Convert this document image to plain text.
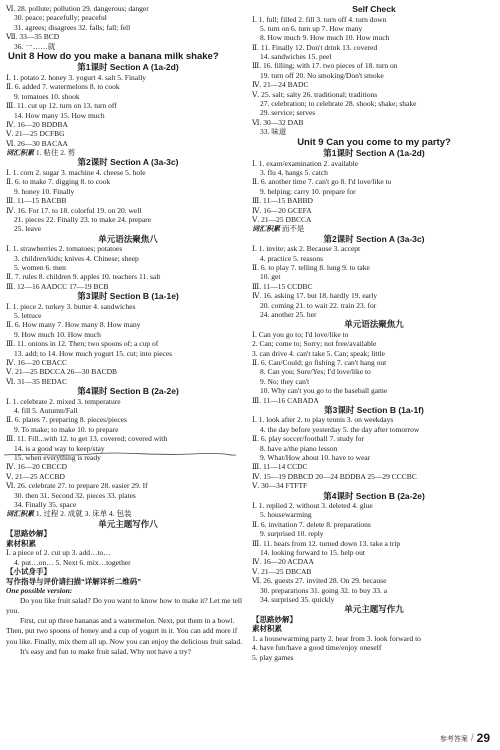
Ⅵ. 28. pollute; pollution 29. dangerous; danger
30. peace; peacefully; peaceful
31. agrees; disagrees 32. falls; fall; fell
Ⅶ. 33—35 BCD
36. 一……就
Unit 8 How do you make a banana milk shake?
第1课时 Section A (1a-2d)
Ⅰ. 1. potato 2. honey 3. yogurt 4. salt 5. Finally
Ⅱ. 6. added 7. watermelons 8. to cook
9. tomatoes 10. shook
Ⅲ. 11. cut up 12. turn on 13. turn off
14. How many 15. How much
Ⅳ. 16—20 BDDBA
Ⅴ. 21—25 DCFBG
Ⅵ. 26—30 BACAA
词汇积累 1. 粘住 2. 剪
第2课时 Section A (3a-3c)
Ⅰ. 1. corn 2. sugar 3. machine 4. cheese 5. hole
Ⅱ. 6. to make 7. digging 8. to cook
9. honey 10. Finally
Ⅲ. 11—15 BACBB
Ⅳ. 16. For 17. to 18. colorful 19. on 20. well
21. pieces 22. Finally 23. to make 24. prepare
25. leave
单元语法聚焦八
Ⅰ. 1. strawberries 2. tomatoes; potatoes
3. children/kids; knives 4. Chinese; sheep
5. women 6. men
Ⅱ. 7. rules 8. children 9. apples 10. teachers 11. salt
Ⅲ. 12—16 AADCC 17—19 BCB
第3课时 Section B (1a-1e)
Ⅰ. 1. piece 2. turkey 3. butter 4. sandwiches
5. lettuce
Ⅱ. 6. How many 7. How many 8. How many
9. How much 10. How much
Ⅲ. 11. onions in 12. Then; two spoons of; a cup of
13. add; to 14. How much yogurt 15. cut; into pieces
Ⅳ. 16—20 CBACC
Ⅴ. 21—25 BDCCA 26—30 BACDB
Ⅵ. 31—35 BEDAC
第4课时 Section B (2a-2e)
Ⅰ. 1. celebrate 2. mixed 3. temperature
4. fill 5. Autumn/Fall
Ⅱ. 6. plates 7. preparing 8. pieces/pieces
9. To make; to make 10. to prepare
Ⅲ. 11. Fill...with 12. to get 13. covered; covered with
14. is a good way to keep/stay
15. when everything is ready
Ⅳ. 16—20 CBCCD
Ⅴ. 21—25 ACCBD
Ⅵ. 26. celebrate 27. to prepare 28. easier 29. If
30. then 31. Second 32. pieces 33. plates
34. Finally 35. space
词汇积累 1. 过程 2. 成就 3. 床单 4. 包装
单元主题写作八
【思路妙解】
素材积累
Ⅰ. a piece of 2. cut up 3. add…to…
4. put…on… 5. Next 6. mix…together
【小试身手】
写作指导与评价请扫描“详解详析二维码”
One possible version:
Do you like fruit salad? Do you want to know how to make it? Let me tell you.
First, cut up three bananas and a watermelon. Next, put them in a bowl. Then, put two spoons of honey and a cup of yogurt in it. You can add more if you like. Finally, mix them all up. Now you can enjoy the delicious fruit salad.
It's easy and fun to make fruit salad. Why not have a try?
Self Check
Ⅰ. 1. full; filled 2. fill 3. turn off 4. turn down
5. turn on 6. turn up 7. How many
8. How much 9. How much 10. How much
Ⅱ. 11. Finally 12. Don't drink 13. covered
14. sandwiches 15. peel
Ⅲ. 16. filling; with 17. two pieces of 18. turn on
19. turn off 20. No smoking/Don't smoke
Ⅳ. 21—24 BADC
Ⅴ. 25. salt; salty 26. traditional; traditions
27. celebration; to celebrate 28. shook; shake; shake
29. service; serves
Ⅵ. 30—32 DAB
33. 味道
Unit 9 Can you come to my party?
第1课时 Section A (1a-2d)
Ⅰ. 1. exam/examination 2. available
3. flu 4. hangs 5. catch
Ⅱ. 6. another time 7. can't go 8. I'd love/like to
9. helping; carry 10. prepare for
Ⅲ. 11—15 BABBD
Ⅳ. 16—20 GCEFA
Ⅴ. 21—25 DBCCA
词汇积累 而不是
第2课时 Section A (3a-3c)
Ⅰ. 1. invite; ask 2. Because 3. accept
4. practice 5. reasons
Ⅱ. 6. to play 7. telling 8. lung 9. to take
10. get
Ⅲ. 11—15 CCDBC
Ⅳ. 16. asking 17. but 18. hardly 19. early
20. coming 21. to wait 22. train 23. for
24. another 25. her
单元语法聚焦九
Ⅰ. Can you go to; I'd love/like to
2. Can; come to; Sorry; not free/available
3. can drive 4. can't take 5. Can; speak; little
Ⅱ. 6. Can/Could; go fishing 7. can't hang out
8. Can you; Sure/Yes; I'd love/like to
9. No; they can't
10. Why can't you go to the baseball game
Ⅲ. 11—16 CABADA
第3课时 Section B (1a-1f)
Ⅰ. 1. look after 2. to play tennis 3. on weekdays
4. the day before yesterday 5. the day after tomorrow
Ⅱ. 6. play soccer/football 7. study for
8. have a/the piano lesson
9. What/How about 10. have to wear
Ⅲ. 11—14 CCDC
Ⅳ. 15—19 DBBCD 20—24 BDDBA 25—29 CCCBC
Ⅴ. 30—34 FTFTF
第4课时 Section B (2a-2e)
Ⅰ. 1. replied 2. without 3. deleted 4. glue
5. housewarming
Ⅱ. 6. invitation 7. delete 8. preparations
9. surprised 10. reply
Ⅲ. 11. hears from 12. turned down 13. take a trip
14. looking forward to 15. help out
Ⅳ. 16—20 ACDAA
Ⅴ. 21—25 DBCAB
Ⅵ. 26. guests 27. invited 28. On 29. because
30. preparations 31. going 32. to buy 33. a
34. surprised 35. quickly
单元主题写作九
【思路妙解】
素材积累
1. a housewarming party 2. hear from 3. look forward to
4. have fun/have a good time/enjoy oneself
5. play games
参考答案 / 29
